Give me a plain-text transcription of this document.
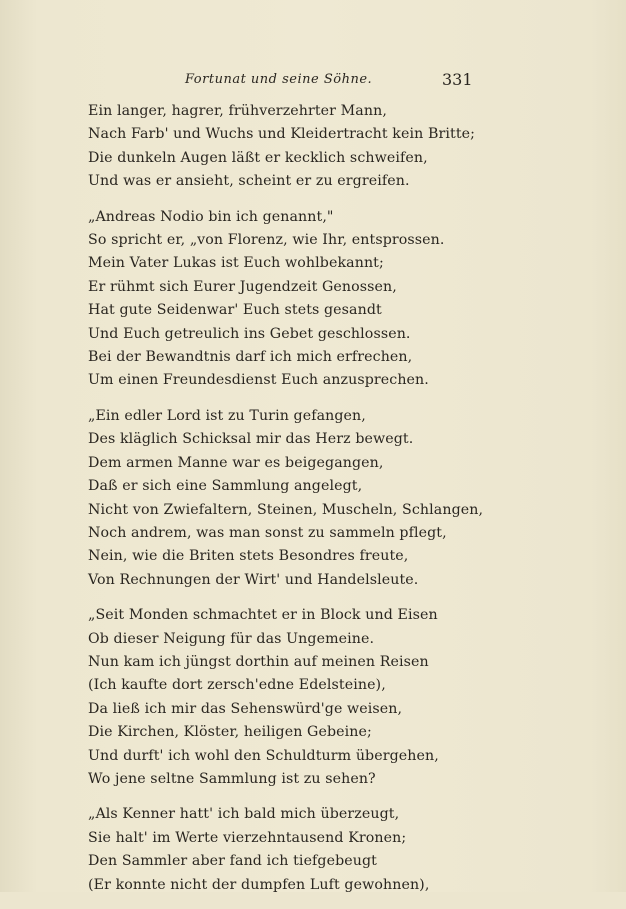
Fortunat und seine Söhne.	331
Ein langer, hagrer, frühverzehrter Mann,
Nach Farb' und Wuchs und Kleidertracht kein Britte;
Die dunkeln Augen läßt er kecklich schweifen,
Und was er ansieht, scheint er zu ergreifen.
„Andreas Nodio bin ich genannt,"
So spricht er, „von Florenz, wie Ihr, entsprossen.
Mein Vater Lukas ist Euch wohlbekannt;
Er rühmt sich Eurer Jugendzeit Genossen,
Hat gute Seidenwar' Euch stets gesandt
Und Euch getreulich ins Gebet geschlossen.
Bei der Bewandtnis darf ich mich erfrechen,
Um einen Freundesdienst Euch anzusprechen.
„Ein edler Lord ist zu Turin gefangen,
Des kläglich Schicksal mir das Herz bewegt.
Dem armen Manne war es beigegangen,
Daß er sich eine Sammlung angelegt,
Nicht von Zwiefaltern, Steinen, Muscheln, Schlangen,
Noch andrem, was man sonst zu sammeln pflegt,
Nein, wie die Briten stets Besondres freute,
Von Rechnungen der Wirt' und Handelsleute.
„Seit Monden schmachtet er in Block und Eisen
Ob dieser Neigung für das Ungemeine.
Nun kam ich jüngst dorthin auf meinen Reisen
(Ich kaufte dort zersch'edne Edelsteine),
Da ließ ich mir das Sehenswürd'ge weisen,
Die Kirchen, Klöster, heiligen Gebeine;
Und durft' ich wohl den Schuldturm übergehen,
Wo jene seltne Sammlung ist zu sehen?
„Als Kenner hatt' ich bald mich überzeugt,
Sie halt' im Werte vierzehntausend Kronen;
Den Sammler aber fand ich tiefgebeugt
(Er konnte nicht der dumpfen Luft gewohnen),
